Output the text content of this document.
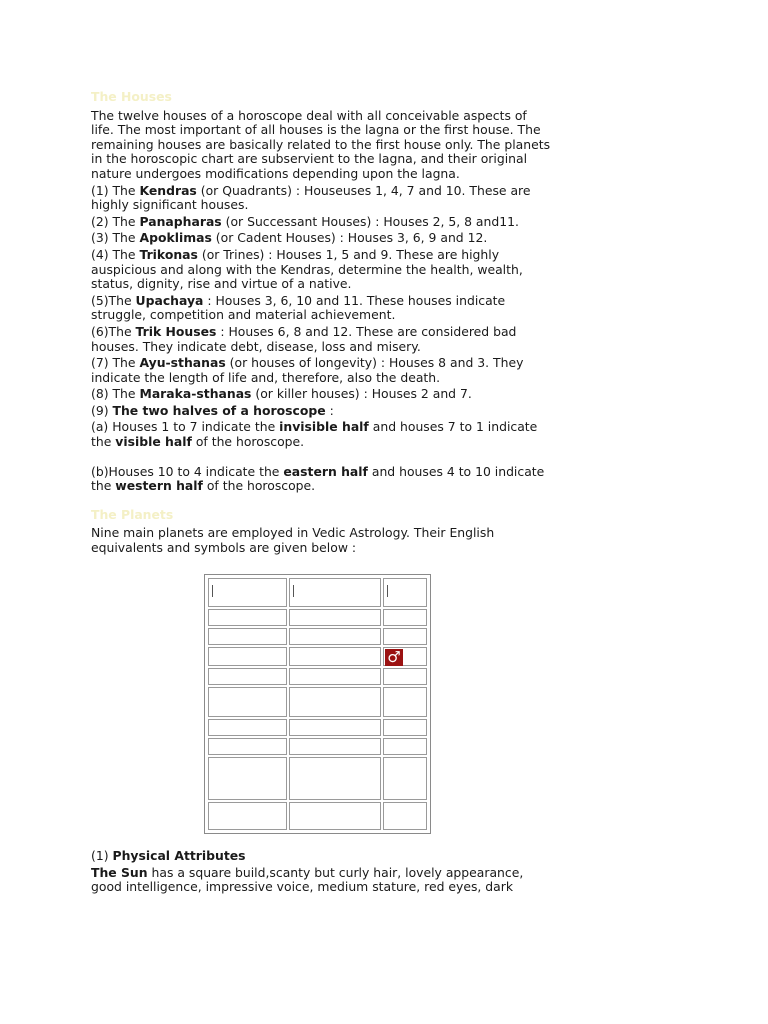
The Houses

The twelve houses of a horoscope deal with all conceivable aspects of life. The most important of all houses is the lagna or the first house. The remaining houses are basically related to the first house only. The planets in the horoscopic chart are subservient to the lagna, and their original nature undergoes modifications depending upon the lagna.

(1) The Kendras (or Quadrants) : Houseuses 1, 4, 7 and 10. These are highly significant houses.

(2) The Panapharas (or Successant Houses) : Houses 2, 5, 8 and11.

(3) The Apoklimas (or Cadent Houses) : Houses 3, 6, 9 and 12.

(4) The Trikonas (or Trines) : Houses 1, 5 and 9. These are highly auspicious and along with the Kendras, determine the health, wealth, status, dignity, rise and virtue of a native.

(5)The Upachaya : Houses 3, 6, 10 and 11. These houses indicate struggle, competition and material achievement.

(6)The Trik Houses : Houses 6, 8 and 12. These are considered bad houses. They indicate debt, disease, loss and misery.

(7) The Ayu-sthanas (or houses of longevity) : Houses 8 and 3. They indicate the length of life and, therefore, also the death.

(8) The Maraka-sthanas (or killer houses) : Houses 2 and 7.

(9) The two halves of a horoscope :

(a) Houses 1 to 7 indicate the invisible half and houses 7 to 1 indicate the visible half of the horoscope.

(b)Houses 10 to 4 indicate the eastern half and houses 4 to 10 indicate the western half of the horoscope.

The Planets

Nine main planets are employed in Vedic Astrology. Their English equivalents and symbols are given below :

		♂

(1) Physical Attributes

The Sun has a square build,scanty but curly hair, lovely appearance, good intelligence, impressive voice, medium stature, red eyes, dark
